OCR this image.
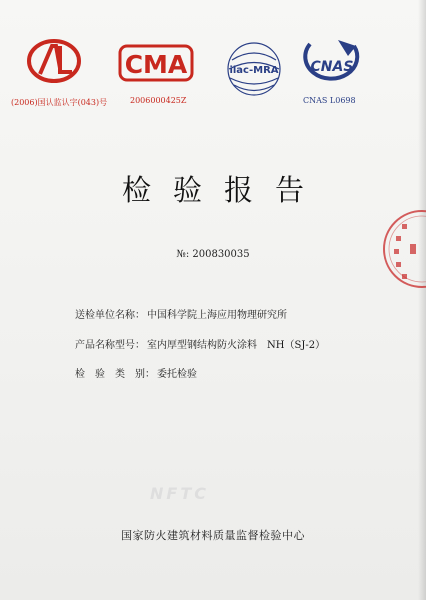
(2006)国认监认字(043)号
CMA
2006000425Z
ilac-MRA CNAS
CNAS L0698
检验报告
№: 200830035
送检单位名称： 中国科学院上海应用物理研究所
产品名称型号： 室内厚型钢结构防火涂料　NH（SJ-2）
检　验　类　别： 委托检验
NFTC
国家防火建筑材料质量监督检验中心
